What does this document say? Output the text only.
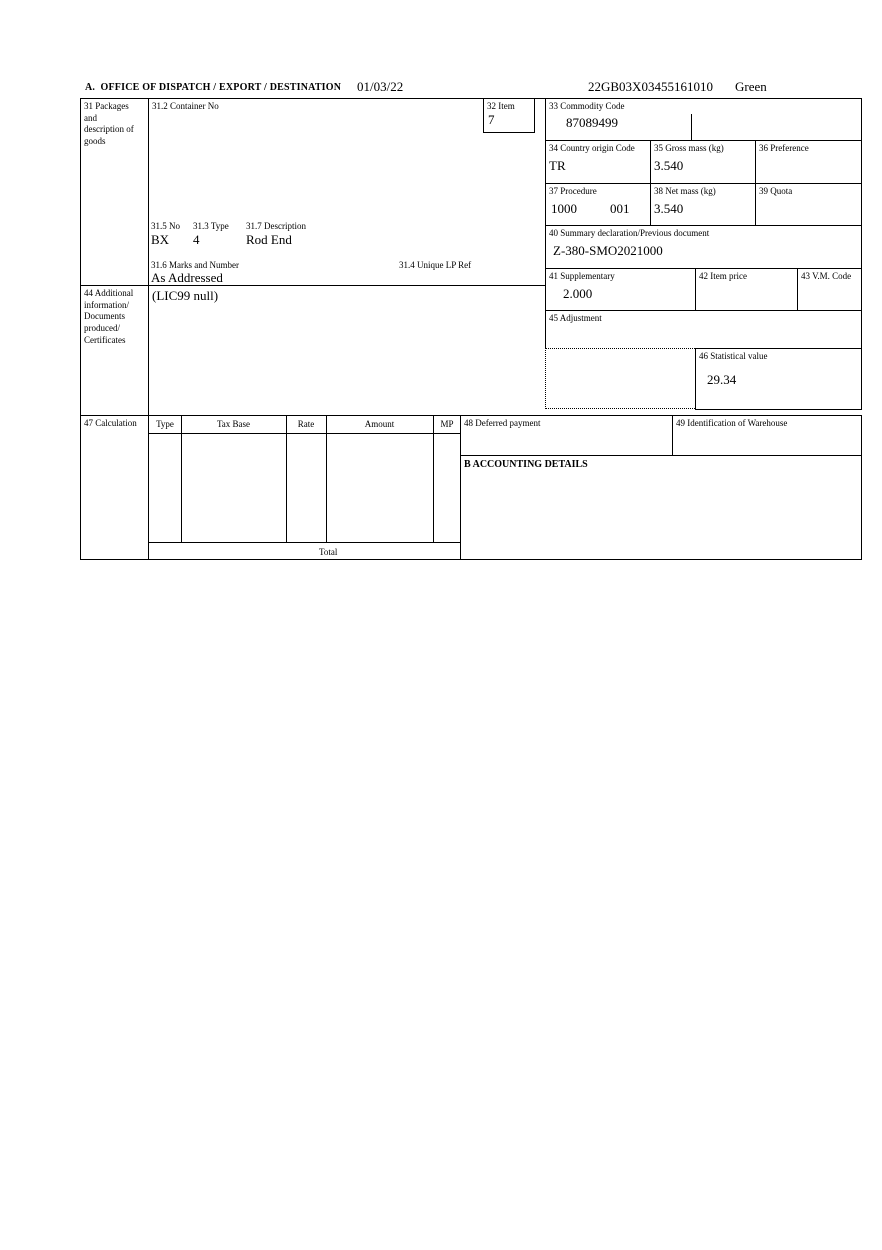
A.  OFFICE OF DISPATCH / EXPORT / DESTINATION 01/03/22	22GB03X03455161010 Green
31 Packages and description of goods
44 Additional information/ Documents produced/ Certificates
47 Calculation
31.2 Container No
31.5 No 31.3 Type 31.7 Description
BX 4	Rod End
31.6 Marks and Number	31.4 Unique LP Ref
As Addressed
32 Item
7
33 Commodity Code
87089499
34 Country origin Code
TR
35 Gross mass (kg)
3.540
36 Preference
37 Procedure
1000	001
38 Net mass (kg)
3.540
39 Quota
40 Summary declaration/Previous document
Z-380-SMO2021000
41 Supplementary
2.000
42 Item price	43 V.M. Code
(LIC99 null)
45 Adjustment
46 Statistical value
29.34
Type	Tax Base	Rate	Amount	MP
Total
48 Deferred payment	49 Identification of Warehouse
B ACCOUNTING DETAILS
